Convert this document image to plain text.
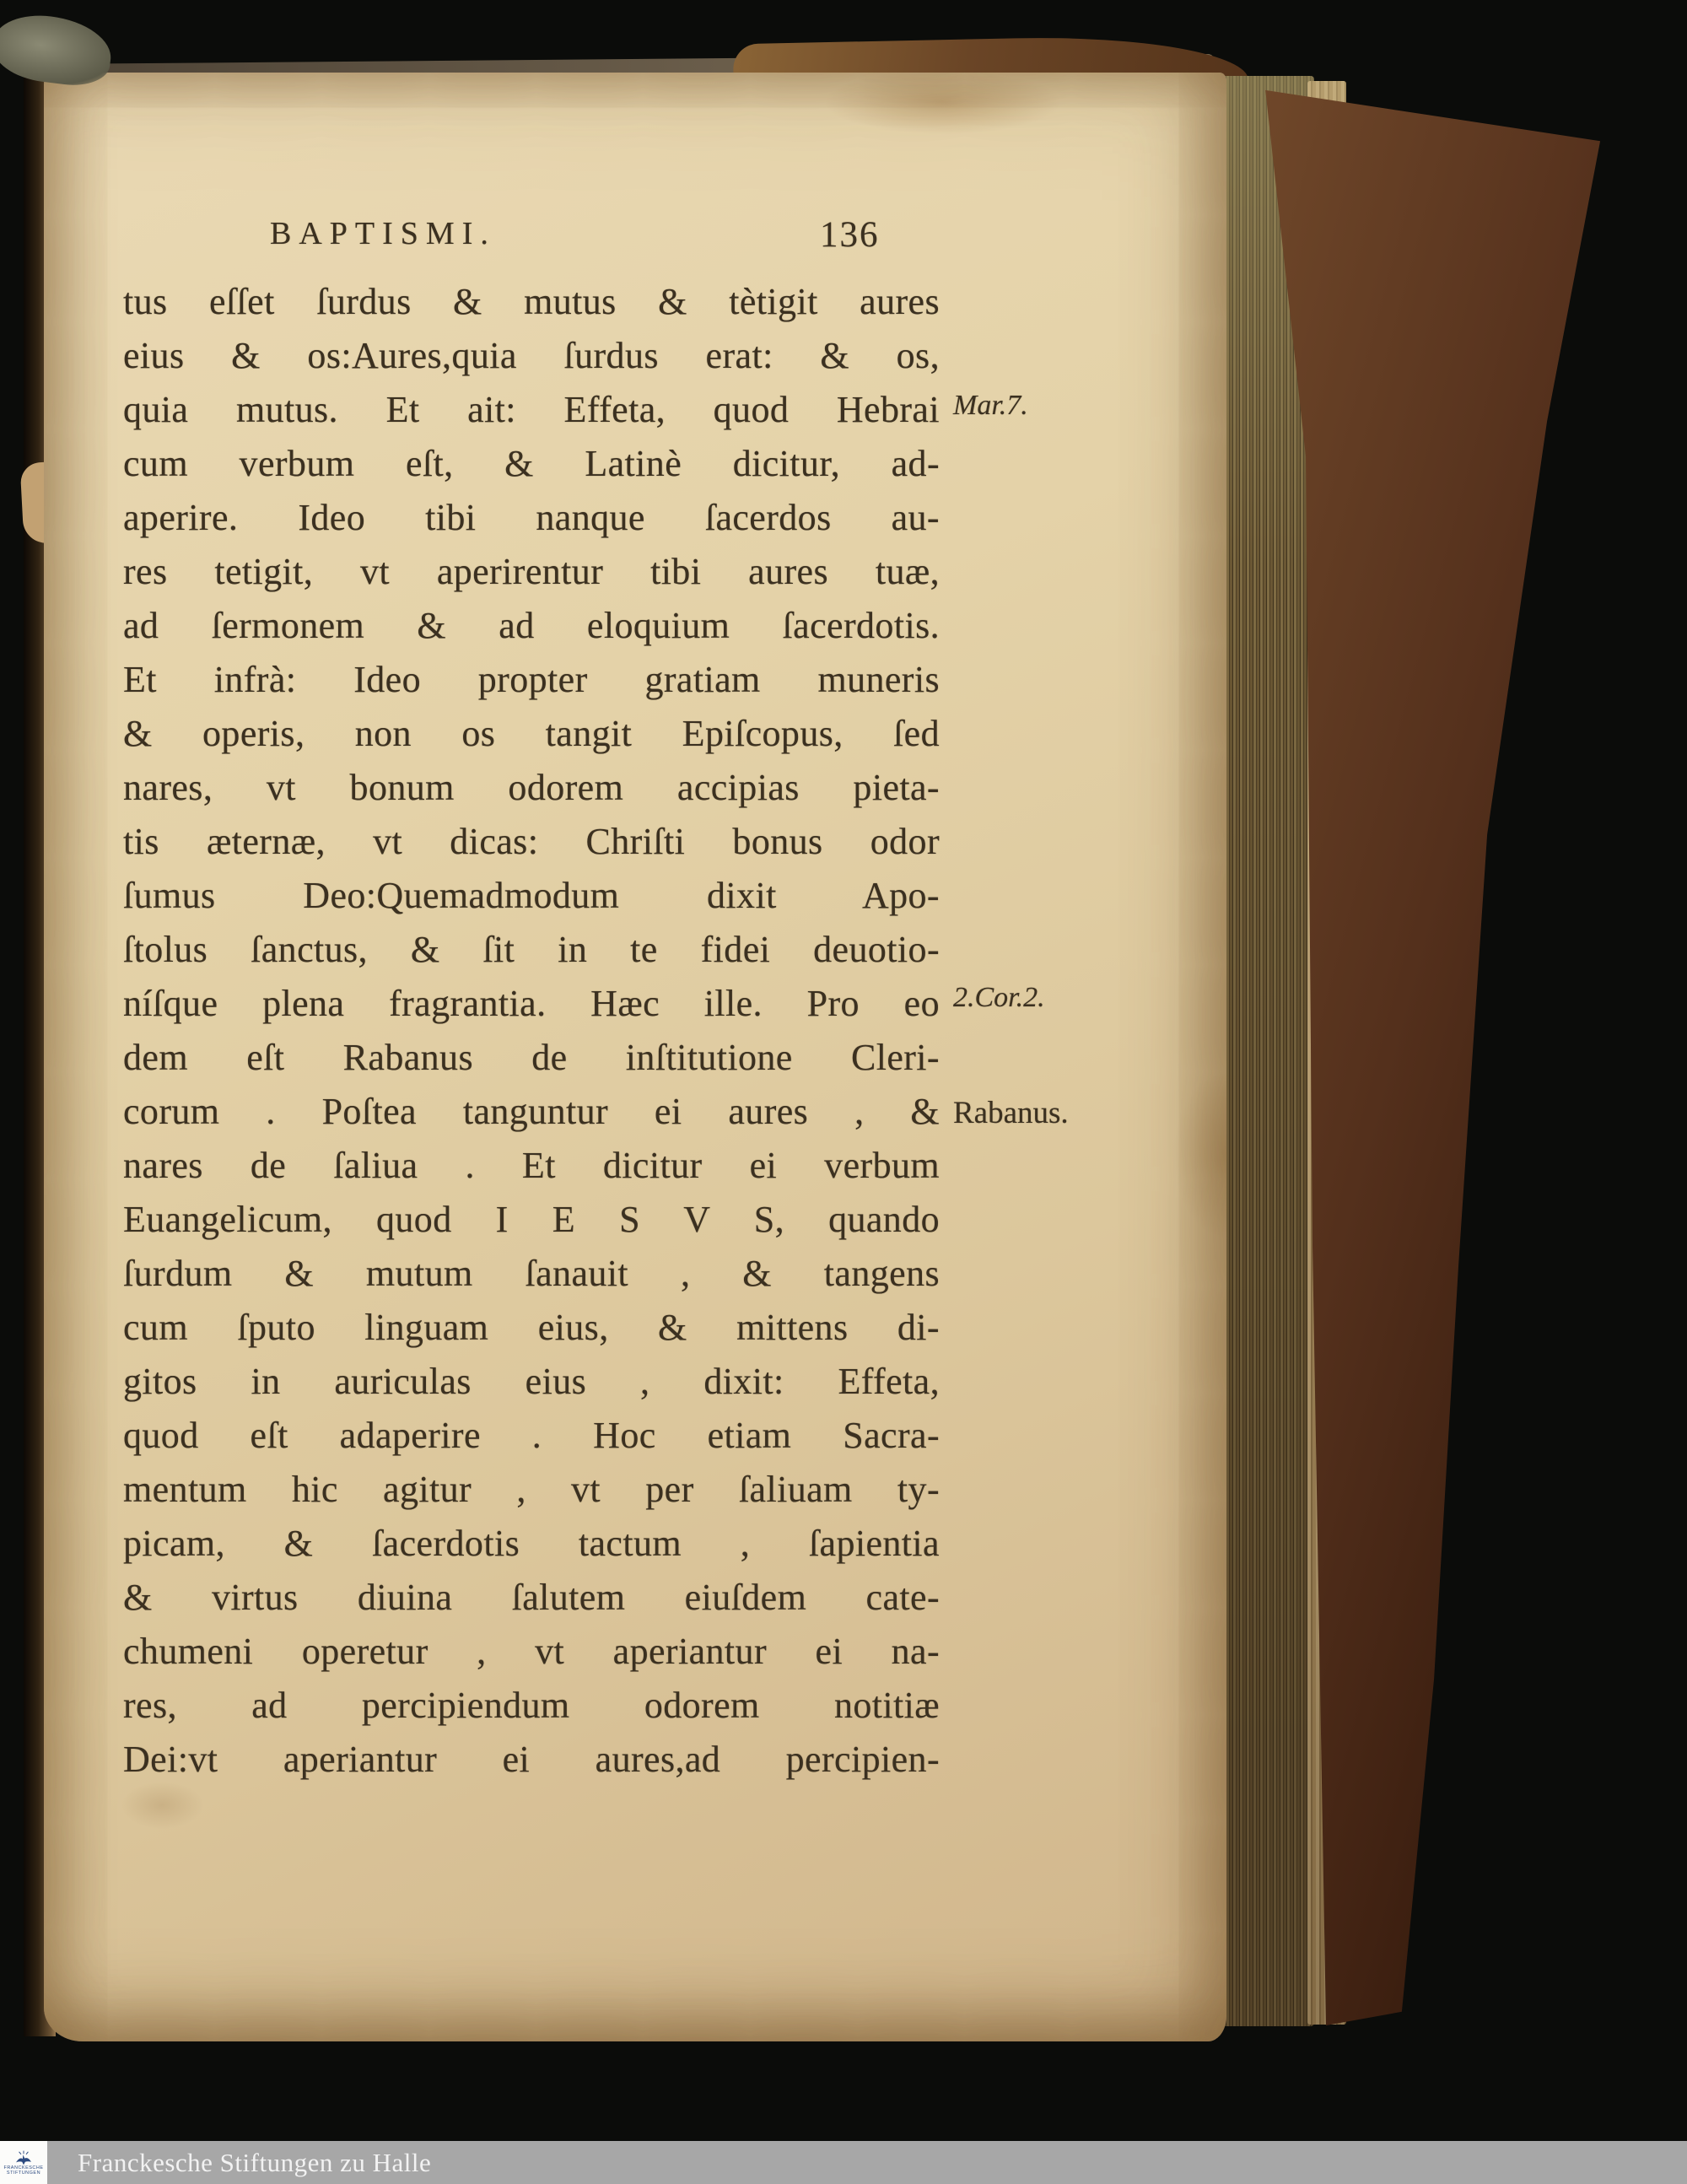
BAPTISMI.	136
tus eſſet ſurdus & mutus & tètigit aures
eius & os:Aures,quia ſurdus erat: & os,
quia mutus. Et ait: Effeta, quod Hebrai
cum verbum eſt, & Latinè dicitur, ad-
aperire. Ideo tibi nanque ſacerdos au-
res tetigit, vt aperirentur tibi aures tuæ,
ad ſermonem & ad eloquium ſacerdotis.
Et infrà: Ideo propter gratiam muneris
& operis, non os tangit Epiſcopus, ſed
nares, vt bonum odorem accipias pieta-
tis æternæ, vt dicas: Chriſti bonus odor
ſumus Deo:Quemadmodum dixit Apo-
ſtolus ſanctus, & ſit in te fidei deuotio-
níſque plena fragrantia. Hæc ille. Pro eo
dem eſt Rabanus de inſtitutione Cleri-
corum . Poſtea tanguntur ei aures , &
nares de ſaliua . Et dicitur ei verbum
Euangelicum, quod I E S V S, quando
ſurdum & mutum ſanauit , & tangens
cum ſputo linguam eius, & mittens di-
gitos in auriculas eius , dixit: Effeta,
quod eſt adaperire . Hoc etiam Sacra-
mentum hic agitur , vt per ſaliuam ty-
picam, & ſacerdotis tactum , ſapientia
& virtus diuina ſalutem eiuſdem cate-
chumeni operetur , vt aperiantur ei na-
res, ad percipiendum odorem notitiæ
Dei:vt aperiantur ei aures,ad percipien-
Mar.7.
2.Cor.2.
Rabanus.
FRANCKESCHE
STIFTUNGEN Franckesche Stiftungen zu Halle
